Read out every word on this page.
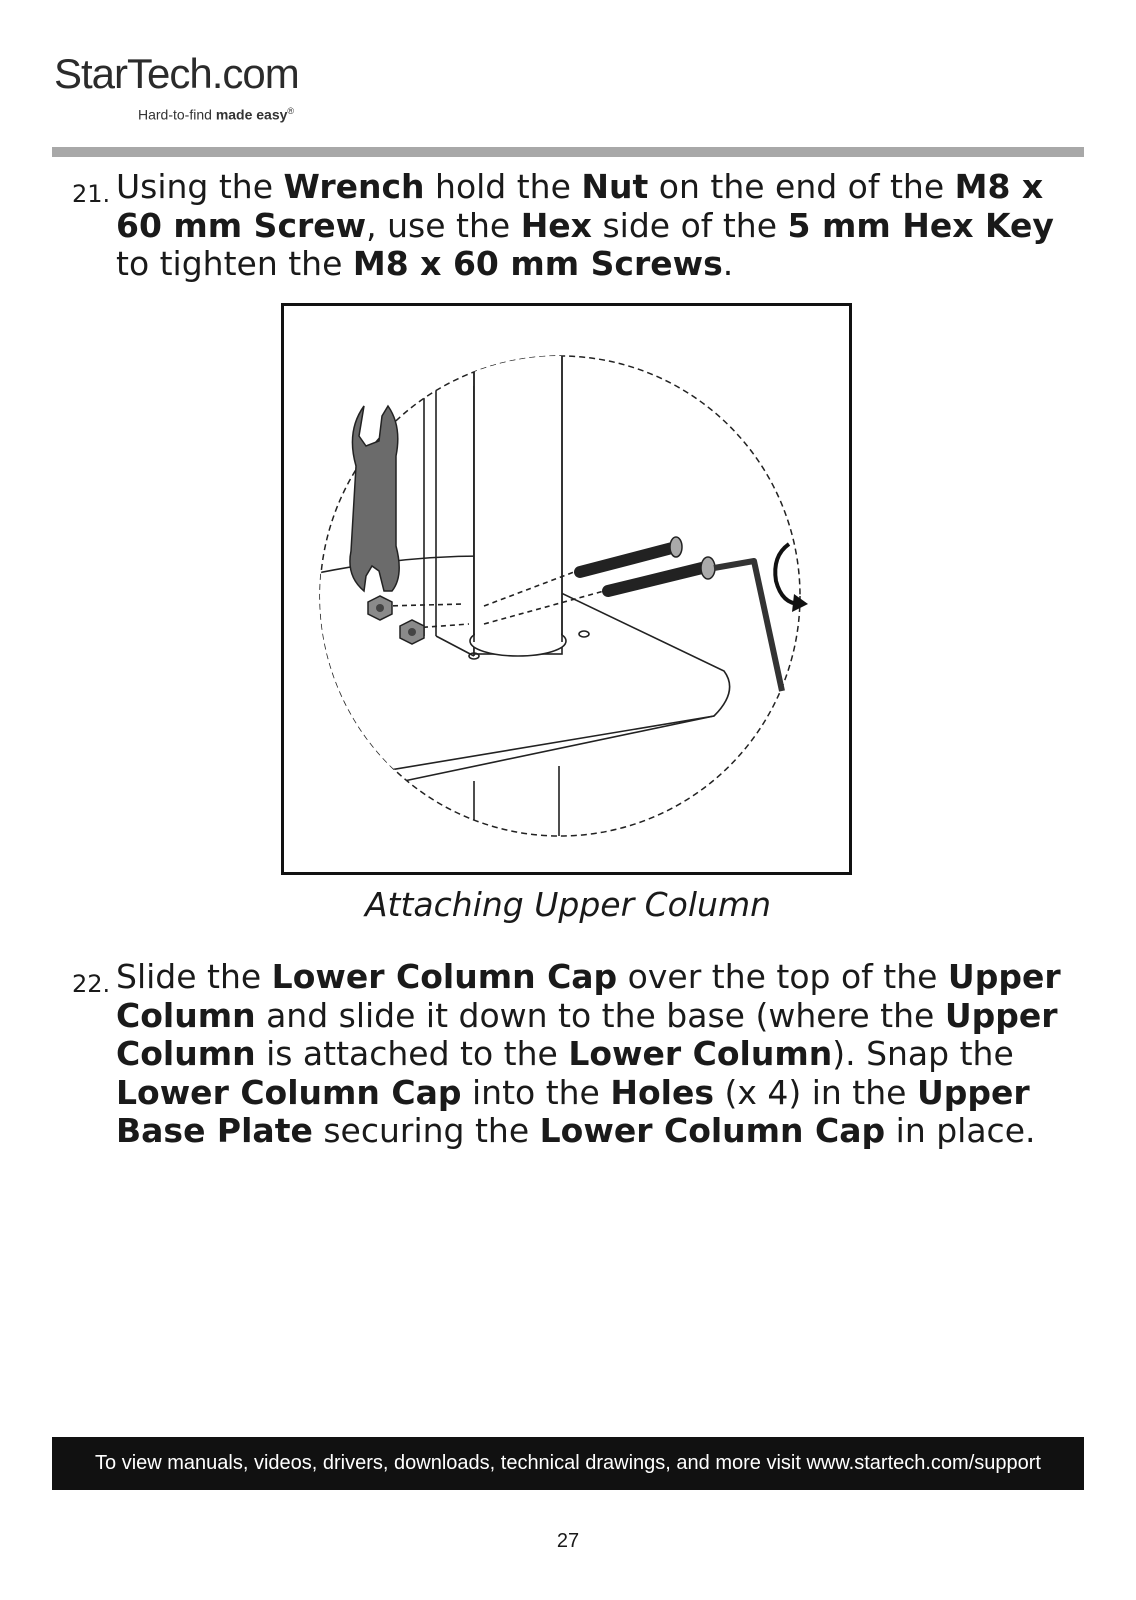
StarTech.com
Hard-to-find made easy®
21. Using the Wrench hold the Nut on the end of the M8 x 60 mm Screw, use the Hex side of the 5 mm Hex Key to tighten the M8 x 60 mm Screws.
Attaching Upper Column
22. Slide the Lower Column Cap over the top of the Upper Column and slide it down to the base (where the Upper Column is attached to the Lower Column). Snap the Lower Column Cap into the Holes (x 4) in the Upper Base Plate securing the Lower Column Cap in place.
To view manuals, videos, drivers, downloads, technical drawings, and more visit www.startech.com/support
27
